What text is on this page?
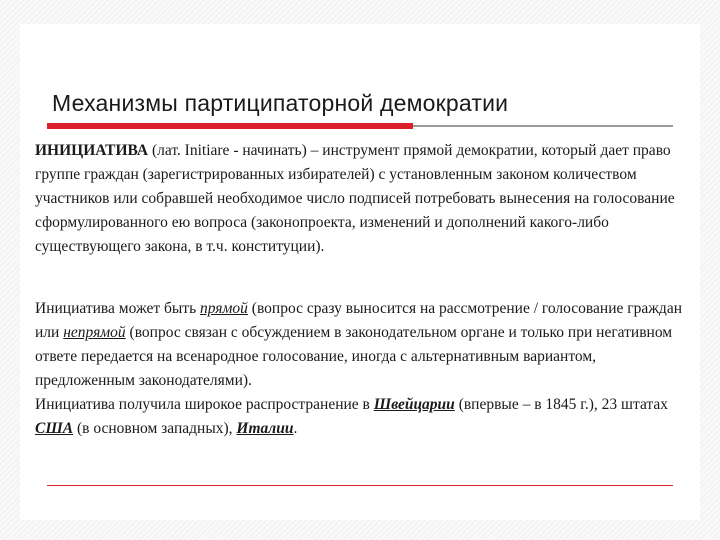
Механизмы партиципаторной демократии
ИНИЦИАТИВА (лат. Initiare - начинать) – инструмент прямой демократии, который дает право группе граждан (зарегистрированных избирателей) с установленным законом количеством участников или собравшей необходимое число подписей потребовать вынесения на голосование сформулированного ею вопроса (законопроекта, изменений и дополнений какого-либо существующего закона, в т.ч. конституции).
Инициатива может быть прямой (вопрос сразу выносится на рассмотрение / голосование граждан или непрямой (вопрос связан с обсуждением в законодательном органе и только при негативном ответе передается на всенародное голосование, иногда с альтернативным вариантом, предложенным законодателями).
Инициатива получила широкое распространение в Швейцарии (впервые – в 1845 г.), 23 штатах США (в основном западных), Италии.
